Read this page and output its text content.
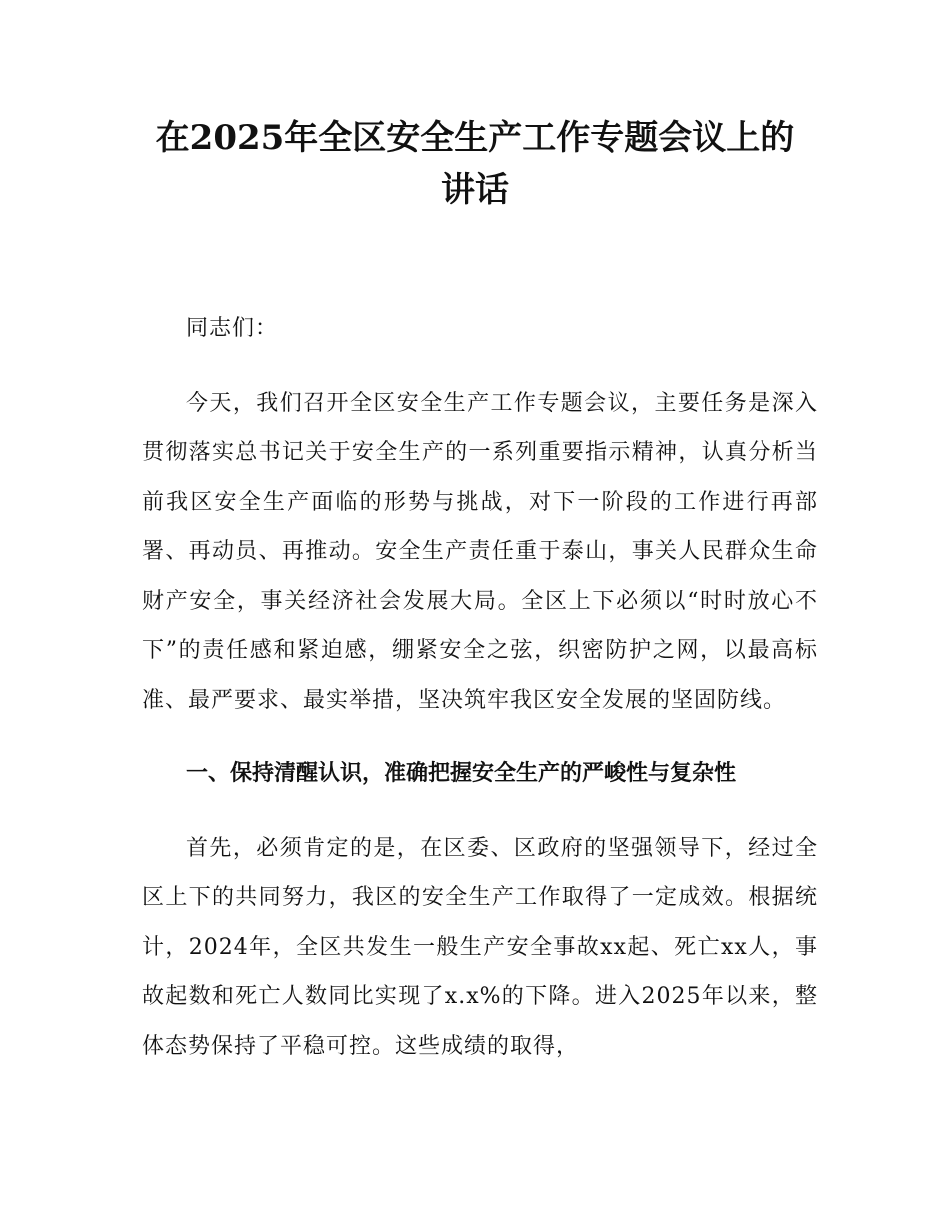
在2025年全区安全生产工作专题会议上的讲话

同志们：

今天，我们召开全区安全生产工作专题会议，主要任务是深入贯彻落实总书记关于安全生产的一系列重要指示精神，认真分析当前我区安全生产面临的形势与挑战，对下一阶段的工作进行再部署、再动员、再推动。安全生产责任重于泰山，事关人民群众生命财产安全，事关经济社会发展大局。全区上下必须以“时时放心不下”的责任感和紧迫感，绷紧安全之弦，织密防护之网，以最高标准、最严要求、最实举措，坚决筑牢我区安全发展的坚固防线。

一、保持清醒认识，准确把握安全生产的严峻性与复杂性

首先，必须肯定的是，在区委、区政府的坚强领导下，经过全区上下的共同努力，我区的安全生产工作取得了一定成效。根据统计，2024年，全区共发生一般生产安全事故xx起、死亡xx人，事故起数和死亡人数同比实现了x.x%的下降。进入2025年以来，整体态势保持了平稳可控。这些成绩的取得，
